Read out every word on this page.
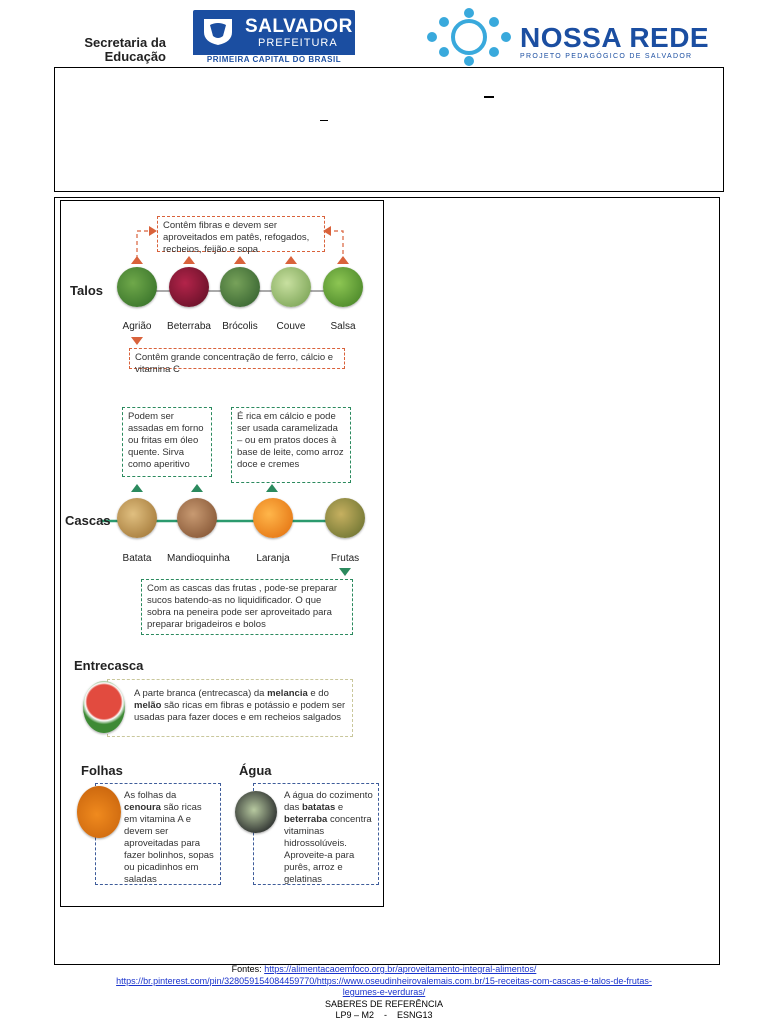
Secretaria da Educação
SALVADOR
PREFEITURA
PRIMEIRA CAPITAL DO BRASIL
NOSSA REDE
PROJETO PEDAGÓGICO DE SALVADOR
Contêm fibras e devem ser aproveitados em patês, refogados, recheios, feijão e sopa
Talos
Agrião	Beterraba	Brócolis	Couve	Salsa
Contêm grande concentração de ferro, cálcio e vitamina C
Podem ser assadas em forno ou fritas em óleo quente. Sirva como aperitivo
É rica em cálcio e pode ser usada caramelizada – ou em pratos doces à base de leite, como arroz doce e cremes
Cascas
Batata	Mandioquinha	Laranja	Frutas
Com as cascas das frutas , pode-se preparar sucos batendo-as no liquidificador. O que sobra na peneira pode ser aproveitado para preparar brigadeiros e bolos
Entrecasca
A parte branca (entrecasca) da melancia e do melão são ricas em fibras e potássio e podem ser usadas para fazer doces e em recheios salgados
Folhas
As folhas da cenoura são ricas em vitamina A e devem ser aproveitadas para fazer bolinhos, sopas ou picadinhos em saladas
Água
A água do cozimento das batatas e beterraba concentra vitaminas hidrossolúveis. Aproveite-a para purês, arroz e gelatinas
Fontes: https://alimentacaoemfoco.org.br/aproveitamento-integral-alimentos/
https://br.pinterest.com/pin/328059154084459770/https://www.oseudinheirovalemais.com.br/15-receitas-com-cascas-e-talos-de-frutas-
legumes-e-verduras/
SABERES DE REFERÊNCIA
LP9 – M2    -    ESNG13
